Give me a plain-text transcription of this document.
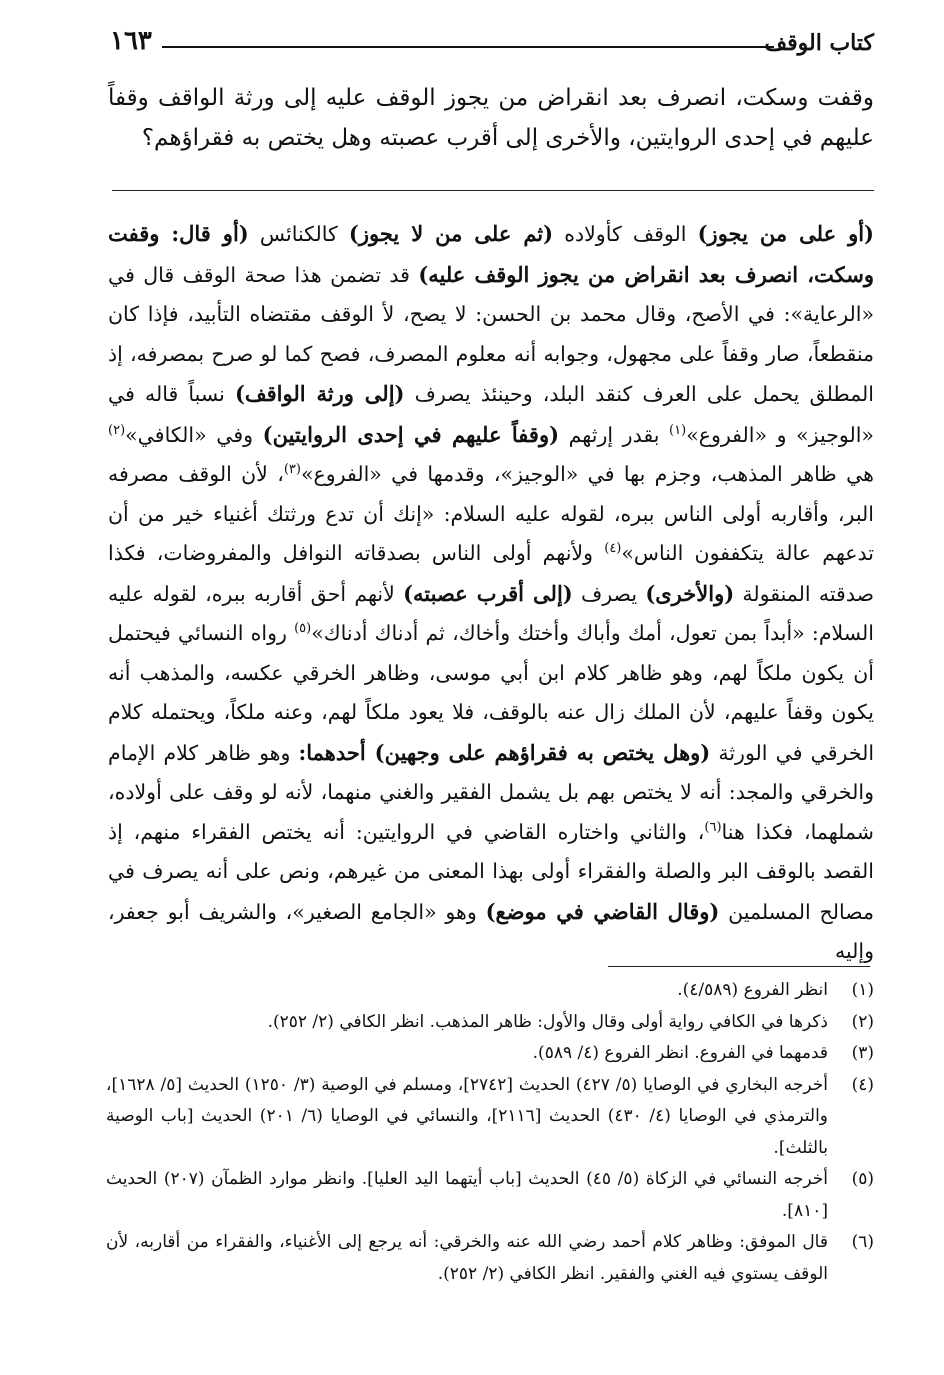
كتاب الوقف
١٦٣
وقفت وسكت، انصرف بعد انقراض من يجوز الوقف عليه إلى ورثة الواقف وقفاً عليهم في إحدى الروايتين، والأخرى إلى أقرب عصبته وهل يختص به فقراؤهم؟
(أو على من يجوز) الوقف كأولاده (ثم على من لا يجوز) كالكنائس (أو قال: وقفت وسكت، انصرف بعد انقراض من يجوز الوقف عليه) قد تضمن هذا صحة الوقف قال في «الرعاية»: في الأصح، وقال محمد بن الحسن: لا يصح، لأ الوقف مقتضاه التأبيد، فإذا كان منقطعاً، صار وقفاً على مجهول، وجوابه أنه معلوم المصرف، فصح كما لو صرح بمصرفه، إذ المطلق يحمل على العرف كنقد البلد، وحينئذ يصرف (إلى ورثة الواقف) نسباً قاله في «الوجيز» و «الفروع»$^{(١)}$ بقدر إرثهم (وقفاً عليهم في إحدى الروايتين) وفي «الكافي»$^{(٢)}$ هي ظاهر المذهب، وجزم بها في «الوجيز»، وقدمها في «الفروع»$^{(٣)}$، لأن الوقف مصرفه البر، وأقاربه أولى الناس ببره، لقوله عليه السلام: «إنك أن تدع ورثتك أغنياء خير من أن تدعهم عالة يتكففون الناس»$^{(٤)}$ ولأنهم أولى الناس بصدقاته النوافل والمفروضات، فكذا صدقته المنقولة (والأخرى) يصرف (إلى أقرب عصبته) لأنهم أحق أقاربه ببره، لقوله عليه السلام: «أبداً بمن تعول، أمك وأباك وأختك وأخاك، ثم أدناك أدناك»$^{(٥)}$ رواه النسائي فيحتمل أن يكون ملكاً لهم، وهو ظاهر كلام ابن أبي موسى، وظاهر الخرقي عكسه، والمذهب أنه يكون وقفاً عليهم، لأن الملك زال عنه بالوقف، فلا يعود ملكاً لهم، وعنه ملكاً، ويحتمله كلام الخرقي في الورثة (وهل يختص به فقراؤهم على وجهين) أحدهما: وهو ظاهر كلام الإمام والخرقي والمجد: أنه لا يختص بهم بل يشمل الفقير والغني منهما، لأنه لو وقف على أولاده، شملهما، فكذا هنا$^{(٦)}$، والثاني واختاره القاضي في الروايتين: أنه يختص الفقراء منهم، إذ القصد بالوقف البر والصلة والفقراء أولى بهذا المعنى من غيرهم، ونص على أنه يصرف في مصالح المسلمين (وقال القاضي في موضع) وهو «الجامع الصغير»، والشريف أبو جعفر، وإليه
(١)
انظر الفروع (٤/٥٨٩).
(٢)
ذكرها في الكافي رواية أولى وقال والأول: ظاهر المذهب. انظر الكافي (٢/ ٢٥٢).
(٣)
قدمهما في الفروع. انظر الفروع (٤/ ٥٨٩).
(٤)
أخرجه البخاري في الوصايا (٥/ ٤٢٧) الحديث [٢٧٤٢]، ومسلم في الوصية (٣/ ١٢٥٠) الحديث [٥/ ١٦٢٨]، والترمذي في الوصايا (٤/ ٤٣٠) الحديث [٢١١٦]، والنسائي في الوصايا (٦/ ٢٠١) الحديث [باب الوصية بالثلث].
(٥)
أخرجه النسائي في الزكاة (٥/ ٤٥) الحديث [باب أيتهما اليد العليا]. وانظر موارد الظمآن (٢٠٧) الحديث [٨١٠].
(٦)
قال الموفق: وظاهر كلام أحمد رضي الله عنه والخرقي: أنه يرجع إلى الأغنياء، والفقراء من أقاربه، لأن الوقف يستوي فيه الغني والفقير. انظر الكافي (٢/ ٢٥٢).
